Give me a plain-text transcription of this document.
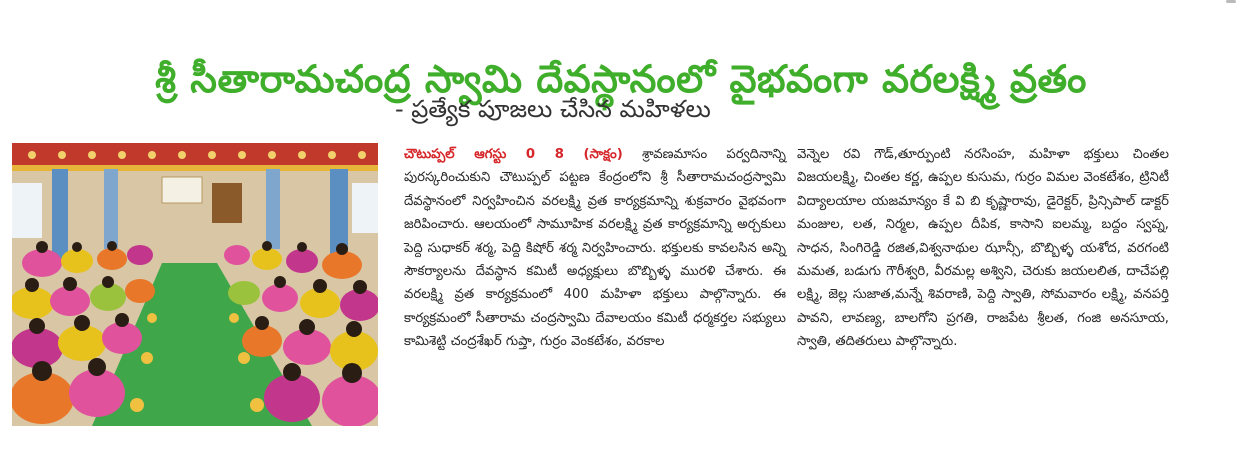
శ్రీ సీతారామచంద్ర స్వామి దేవస్థానంలో వైభవంగా వరలక్ష్మి వ్రతం
- ప్రత్యేక పూజలు చేసిన మహిళలు

చౌటుప్పల్ ఆగస్టు 0 8 (సాక్షం) శ్రావణమాసం పర్వదినాన్ని పురస్కరించుకుని చౌటుప్పల్ పట్టణ కేంద్రంలోని శ్రీ సీతారామచంద్రస్వామి దేవస్థానంలో నిర్వహించిన వరలక్ష్మి వ్రత కార్యక్రమాన్ని శుక్రవారం వైభవంగా జరిపించారు. ఆలయంలో సామూహిక వరలక్ష్మి వ్రత కార్యక్రమాన్ని అర్చకులు పెద్ది సుధాకర్ శర్మ, పెద్ది కిషోర్ శర్మ నిర్వహించారు. భక్తులకు కావలసిన అన్ని సౌకర్యాలను దేవస్థాన కమిటీ అధ్యక్షులు బొబ్బిళ్ళ మురళి చేశారు. ఈ వరలక్ష్మి వ్రత కార్యక్రమంలో 400 మహిళా భక్తులు పాల్గొన్నారు. ఈ కార్యక్రమంలో సీతారామ చంద్రస్వామి దేవాలయం కమిటీ ధర్మకర్తల సభ్యులు కామిశెట్టి చంద్రశేఖర్ గుప్తా, గుర్రం వెంకటేశం, వరకాల

వెన్నెల రవి గౌడ్,తూర్పుంటి నరసింహ, మహిళా భక్తులు చింతల విజయలక్ష్మి, చింతల కర్ణ, ఉప్పల కుసుమ, గుర్రం విమల వెంకటేశం, ట్రినిటీ విద్యాలయాల యజమాన్యం కే వి బి కృష్ణారావు, డైరెక్టర్, ప్రిన్సిపాల్ డాక్టర్ మంజుల, లత, నిర్మల, ఉప్పల దీపిక, కాసాని ఐలమ్మ, బద్దం స్వప్న, సాధన, సింగిరెడ్డి రజిత,విశ్వనాథుల ఝాన్సీ, బొబ్బిళ్ళ యశోద, వరగంటి మమత, బడుగు గౌరీశ్వరి, వీరమల్ల అశ్విని, చెరుకు జయలలిత, దాచేపల్లి లక్ష్మి, జెల్ల సుజాత,మన్నే శివరాణి, పెద్ది స్వాతి, సోమవారం లక్ష్మి, వనపర్తి పావని, లావణ్య, బాలగోని ప్రగతి, రాజపేట శ్రీలత, గంజి అనసూయ, స్వాతి, తదితరులు పాల్గొన్నారు.
